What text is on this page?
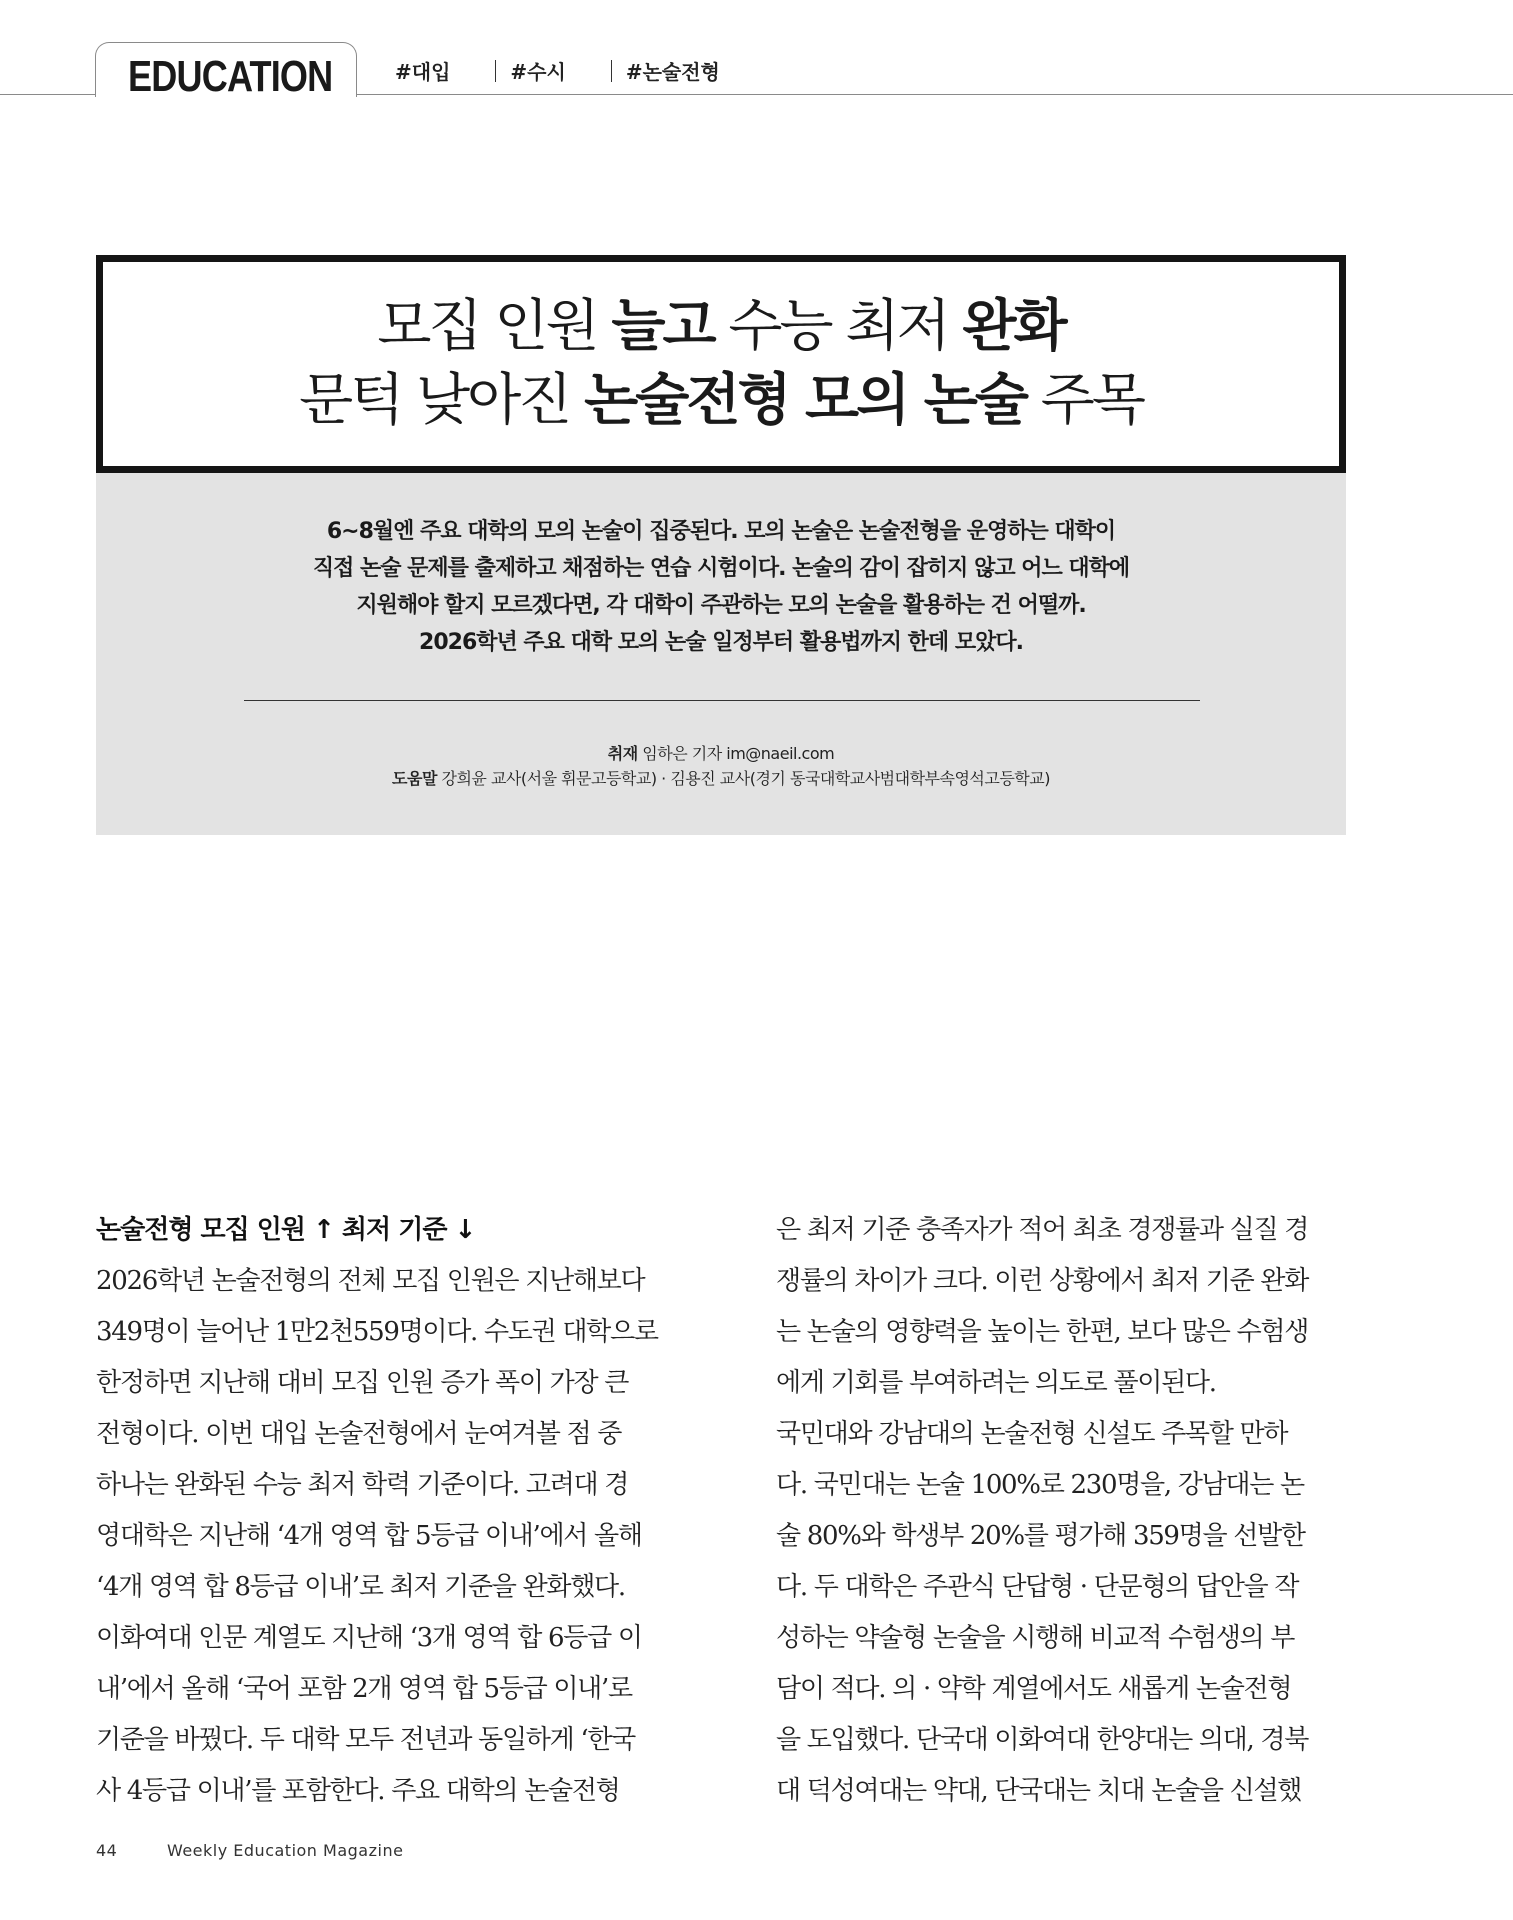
EDUCATION	#대입	#수시	#논술전형
모집 인원 늘고 수능 최저 완화
문턱 낮아진 논술전형 모의 논술 주목
6~8월엔 주요 대학의 모의 논술이 집중된다. 모의 논술은 논술전형을 운영하는 대학이
직접 논술 문제를 출제하고 채점하는 연습 시험이다. 논술의 감이 잡히지 않고 어느 대학에
지원해야 할지 모르겠다면, 각 대학이 주관하는 모의 논술을 활용하는 건 어떨까.
2026학년 주요 대학 모의 논술 일정부터 활용법까지 한데 모았다.
취재 임하은 기자 im@naeil.com
도움말 강희윤 교사(서울 휘문고등학교) · 김용진 교사(경기 동국대학교사범대학부속영석고등학교)
논술전형 모집 인원 ↑ 최저 기준 ↓
2026학년 논술전형의 전체 모집 인원은 지난해보다
349명이 늘어난 1만2천559명이다. 수도권 대학으로
한정하면 지난해 대비 모집 인원 증가 폭이 가장 큰
전형이다. 이번 대입 논술전형에서 눈여겨볼 점 중
하나는 완화된 수능 최저 학력 기준이다. 고려대 경
영대학은 지난해 ‘4개 영역 합 5등급 이내’에서 올해
‘4개 영역 합 8등급 이내’로 최저 기준을 완화했다.
이화여대 인문 계열도 지난해 ‘3개 영역 합 6등급 이
내’에서 올해 ‘국어 포함 2개 영역 합 5등급 이내’로
기준을 바꿨다. 두 대학 모두 전년과 동일하게 ‘한국
사 4등급 이내’를 포함한다. 주요 대학의 논술전형
은 최저 기준 충족자가 적어 최초 경쟁률과 실질 경
쟁률의 차이가 크다. 이런 상황에서 최저 기준 완화
는 논술의 영향력을 높이는 한편, 보다 많은 수험생
에게 기회를 부여하려는 의도로 풀이된다.
국민대와 강남대의 논술전형 신설도 주목할 만하
다. 국민대는 논술 100%로 230명을, 강남대는 논
술 80%와 학생부 20%를 평가해 359명을 선발한
다. 두 대학은 주관식 단답형 · 단문형의 답안을 작
성하는 약술형 논술을 시행해 비교적 수험생의 부
담이 적다. 의 · 약학 계열에서도 새롭게 논술전형
을 도입했다. 단국대 이화여대 한양대는 의대, 경북
대 덕성여대는 약대, 단국대는 치대 논술을 신설했
44	Weekly Education Magazine
